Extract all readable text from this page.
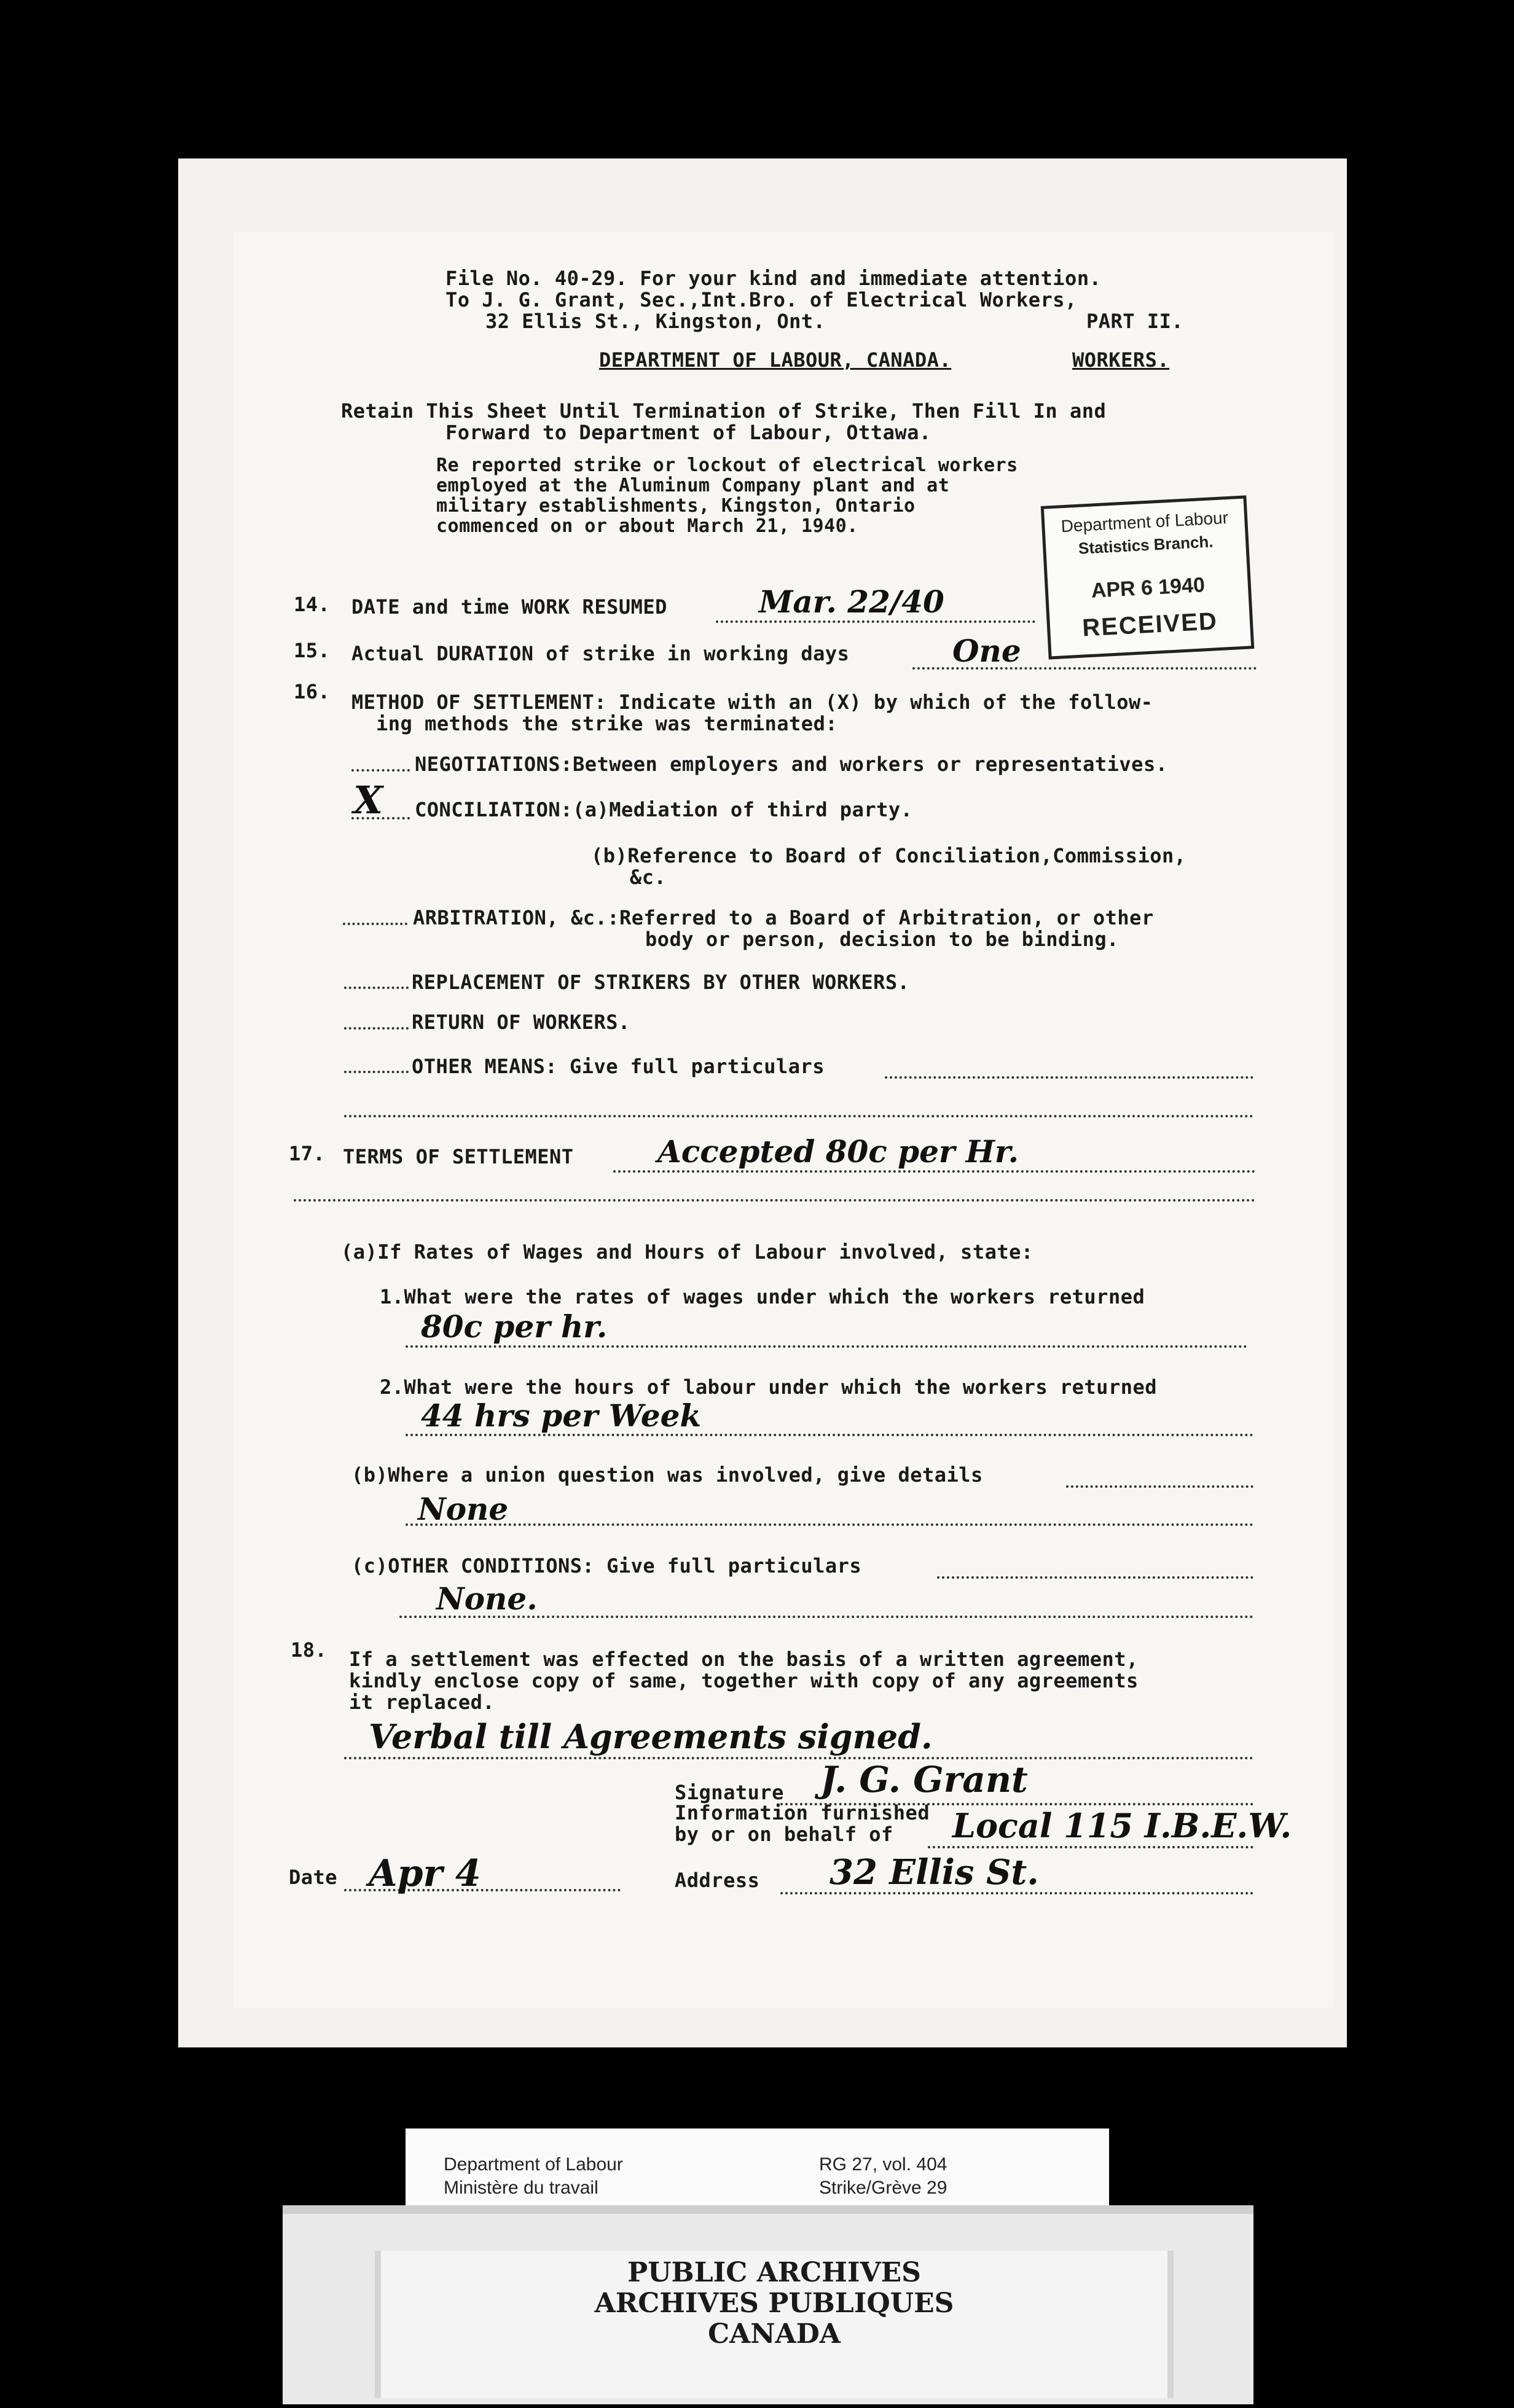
File No. 40-29. For your kind and immediate attention.
To J. G. Grant, Sec.,Int.Bro. of Electrical Workers,
32 Ellis St., Kingston, Ont.	PART II.
DEPARTMENT OF LABOUR, CANADA.	WORKERS.
Retain This Sheet Until Termination of Strike, Then Fill In and
Forward to Department of Labour, Ottawa.
Re reported strike or lockout of electrical workers
employed at the Aluminum Company plant and at
military establishments, Kingston, Ontario
commenced on or about March 21, 1940.	Department of Labour
Statistics Branch.
APR 6 1940
RECEIVED
14. DATE and time WORK RESUMED	Mar. 22/40
15. Actual DURATION of strike in working days	One
16. METHOD OF SETTLEMENT: Indicate with an (X) by which of the follow-
ing methods the strike was terminated:
NEGOTIATIONS:Between employers and workers or representatives.
X CONCILIATION:(a)Mediation of third party.
(b)Reference to Board of Conciliation,Commission,
&c.
ARBITRATION, &c.:Referred to a Board of Arbitration, or other
body or person, decision to be binding.
REPLACEMENT OF STRIKERS BY OTHER WORKERS.
RETURN OF WORKERS.
OTHER MEANS: Give full particulars
17. TERMS OF SETTLEMENT	Accepted 80c per Hr.
(a)If Rates of Wages and Hours of Labour involved, state:
1.What were the rates of wages under which the workers returned
80c per hr.
2.What were the hours of labour under which the workers returned
44 hrs per Week
(b)Where a union question was involved, give details
None
(c)OTHER CONDITIONS: Give full particulars
None.
18. If a settlement was effected on the basis of a written agreement,
kindly enclose copy of same, together with copy of any agreements
it replaced.
Verbal till Agreements signed.
Signature J. G. Grant
Information furnished
by or on behalf of Local 115 I.B.E.W.
Date Apr 4	Address 32 Ellis St.
Department of Labour
Ministère du travail
RG 27, vol. 404
Strike/Grève 29
PUBLIC ARCHIVES
ARCHIVES PUBLIQUES
CANADA
